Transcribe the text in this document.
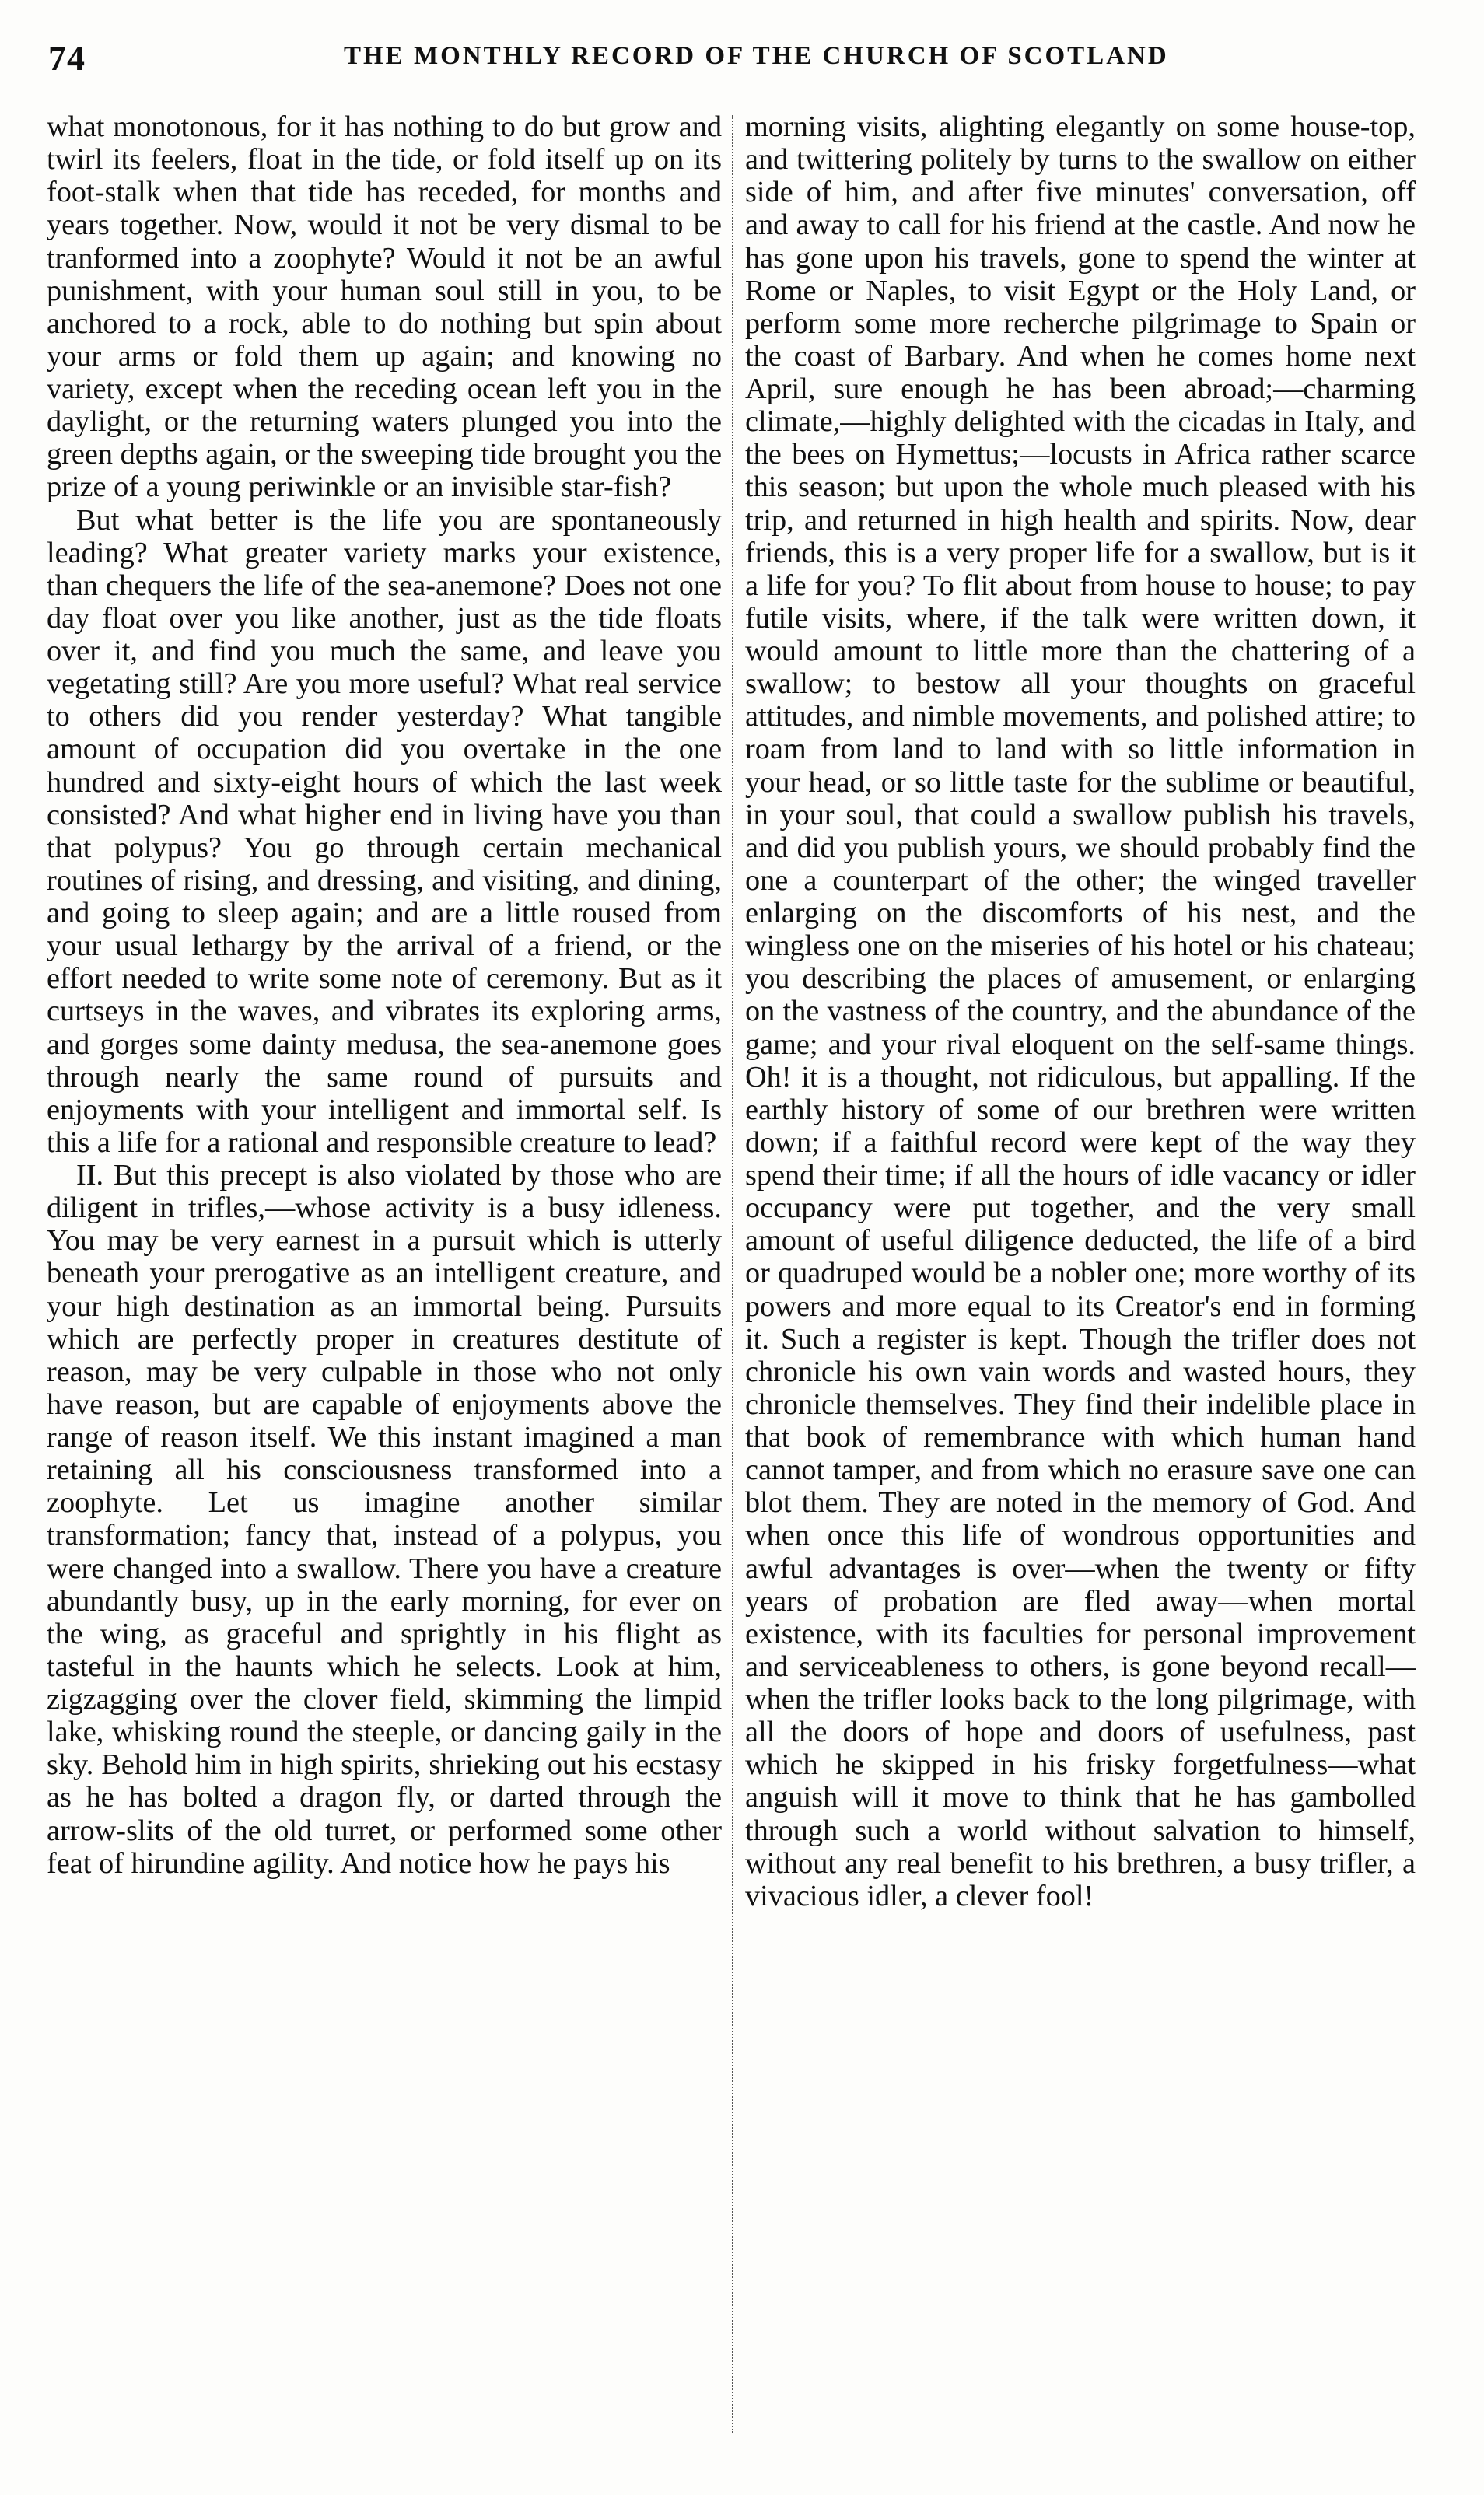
74	THE MONTHLY RECORD OF THE CHURCH OF SCOTLAND

what monotonous, for it has nothing to do but grow and twirl its feelers, float in the tide, or fold itself up on its foot-stalk when that tide has receded, for months and years together. Now, would it not be very dismal to be tranformed into a zoophyte? Would it not be an awful punishment, with your human soul still in you, to be anchored to a rock, able to do nothing but spin about your arms or fold them up again; and knowing no variety, except when the receding ocean left you in the daylight, or the returning waters plunged you into the green depths again, or the sweeping tide brought you the prize of a young periwinkle or an invisible star-fish?

But what better is the life you are spontaneously leading? What greater variety marks your existence, than chequers the life of the sea-anemone? Does not one day float over you like another, just as the tide floats over it, and find you much the same, and leave you vegetating still? Are you more useful? What real service to others did you render yesterday? What tangible amount of occupation did you overtake in the one hundred and sixty-eight hours of which the last week consisted? And what higher end in living have you than that polypus? You go through certain mechanical routines of rising, and dressing, and visiting, and dining, and going to sleep again; and are a little roused from your usual lethargy by the arrival of a friend, or the effort needed to write some note of ceremony. But as it curtseys in the waves, and vibrates its exploring arms, and gorges some dainty medusa, the sea-anemone goes through nearly the same round of pursuits and enjoyments with your intelligent and immortal self. Is this a life for a rational and responsible creature to lead?

II. But this precept is also violated by those who are diligent in trifles,—whose activity is a busy idleness. You may be very earnest in a pursuit which is utterly beneath your prerogative as an intelligent creature, and your high destination as an immortal being. Pursuits which are perfectly proper in creatures destitute of reason, may be very culpable in those who not only have reason, but are capable of enjoyments above the range of reason itself. We this instant imagined a man retaining all his consciousness transformed into a zoophyte. Let us imagine another similar transformation; fancy that, instead of a polypus, you were changed into a swallow. There you have a creature abundantly busy, up in the early morning, for ever on the wing, as graceful and sprightly in his flight as tasteful in the haunts which he selects. Look at him, zigzagging over the clover field, skimming the limpid lake, whisking round the steeple, or dancing gaily in the sky. Behold him in high spirits, shrieking out his ecstasy as he has bolted a dragon fly, or darted through the arrow-slits of the old turret, or performed some other feat of hirundine agility. And notice how he pays his

morning visits, alighting elegantly on some house-top, and twittering politely by turns to the swallow on either side of him, and after five minutes' conversation, off and away to call for his friend at the castle. And now he has gone upon his travels, gone to spend the winter at Rome or Naples, to visit Egypt or the Holy Land, or perform some more recherche pilgrimage to Spain or the coast of Barbary. And when he comes home next April, sure enough he has been abroad;—charming climate,—highly delighted with the cicadas in Italy, and the bees on Hymettus;—locusts in Africa rather scarce this season; but upon the whole much pleased with his trip, and returned in high health and spirits. Now, dear friends, this is a very proper life for a swallow, but is it a life for you? To flit about from house to house; to pay futile visits, where, if the talk were written down, it would amount to little more than the chattering of a swallow; to bestow all your thoughts on graceful attitudes, and nimble movements, and polished attire; to roam from land to land with so little information in your head, or so little taste for the sublime or beautiful, in your soul, that could a swallow publish his travels, and did you publish yours, we should probably find the one a counterpart of the other; the winged traveller enlarging on the discomforts of his nest, and the wingless one on the miseries of his hotel or his chateau; you describing the places of amusement, or enlarging on the vastness of the country, and the abundance of the game; and your rival eloquent on the self-same things. Oh! it is a thought, not ridiculous, but appalling. If the earthly history of some of our brethren were written down; if a faithful record were kept of the way they spend their time; if all the hours of idle vacancy or idler occupancy were put together, and the very small amount of useful diligence deducted, the life of a bird or quadruped would be a nobler one; more worthy of its powers and more equal to its Creator's end in forming it. Such a register is kept. Though the trifler does not chronicle his own vain words and wasted hours, they chronicle themselves. They find their indelible place in that book of remembrance with which human hand cannot tamper, and from which no erasure save one can blot them. They are noted in the memory of God. And when once this life of wondrous opportunities and awful advantages is over—when the twenty or fifty years of probation are fled away—when mortal existence, with its faculties for personal improvement and serviceableness to others, is gone beyond recall—when the trifler looks back to the long pilgrimage, with all the doors of hope and doors of usefulness, past which he skipped in his frisky forgetfulness—what anguish will it move to think that he has gambolled through such a world without salvation to himself, without any real benefit to his brethren, a busy trifler, a vivacious idler, a clever fool!
